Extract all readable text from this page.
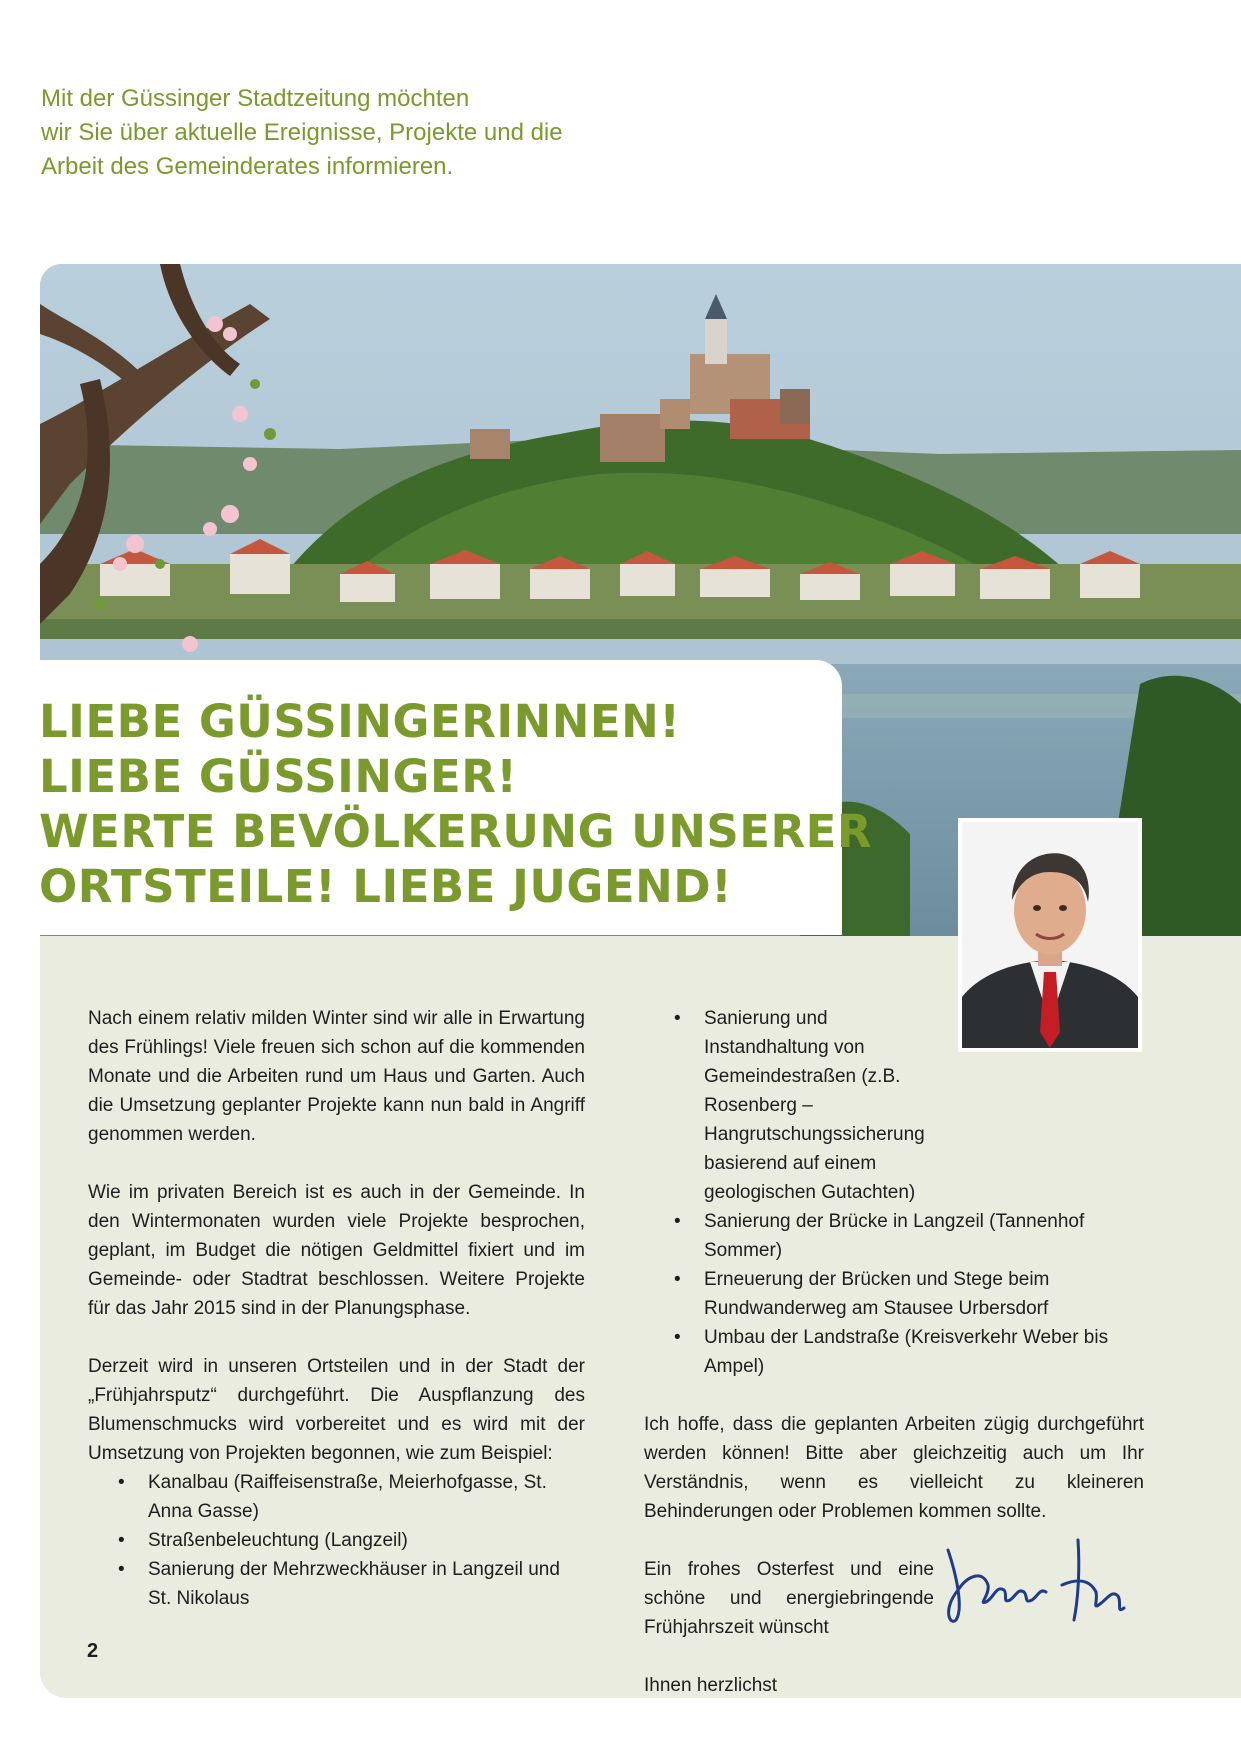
Mit der Güssinger Stadtzeitung möchten
wir Sie über aktuelle Ereignisse, Projekte und die
Arbeit des Gemeinderates informieren.

LIEBE GÜSSINGERINNEN!
LIEBE GÜSSINGER!
WERTE BEVÖLKERUNG UNSERER
ORTSTEILE! LIEBE JUGEND!

Nach einem relativ milden Winter sind wir alle in Erwartung des Frühlings! Viele freuen sich schon auf die kommenden Monate und die Arbeiten rund um Haus und Garten. Auch die Umsetzung geplanter Projekte kann nun bald in Angriff genommen werden.

Wie im privaten Bereich ist es auch in der Gemeinde. In den Wintermonaten wurden viele Projekte besprochen, geplant, im Budget die nötigen Geldmittel fixiert und im Gemeinde- oder Stadtrat beschlossen. Weitere Projekte für das Jahr 2015 sind in der Planungsphase.

Derzeit wird in unseren Ortsteilen und in der Stadt der „Frühjahrsputz“ durchgeführt. Die Auspflanzung des Blumenschmucks wird vorbereitet und es wird mit der Umsetzung von Projekten begonnen, wie zum Beispiel:

• Kanalbau (Raiffeisenstraße, Meierhofgasse, St. Anna Gasse)
• Straßenbeleuchtung (Langzeil)
• Sanierung der Mehrzweckhäuser in Langzeil und St. Nikolaus
• Sanierung und Instandhaltung von Gemeindestraßen (z.B. Rosenberg – Hangrutschungssicherung basierend auf einem geologischen Gutachten)
• Sanierung der Brücke in Langzeil (Tannenhof Sommer)
• Erneuerung der Brücken und Stege beim Rundwanderweg am Stausee Urbersdorf
• Umbau der Landstraße (Kreisverkehr Weber bis Ampel)

Ich hoffe, dass die geplanten Arbeiten zügig durchgeführt werden können! Bitte aber gleichzeitig auch um Ihr Verständnis, wenn es vielleicht zu kleineren Behinderungen oder Problemen kommen sollte.

Ein frohes Osterfest und eine schöne und energiebringende Frühjahrszeit wünscht

Ihnen herzlichst

2
